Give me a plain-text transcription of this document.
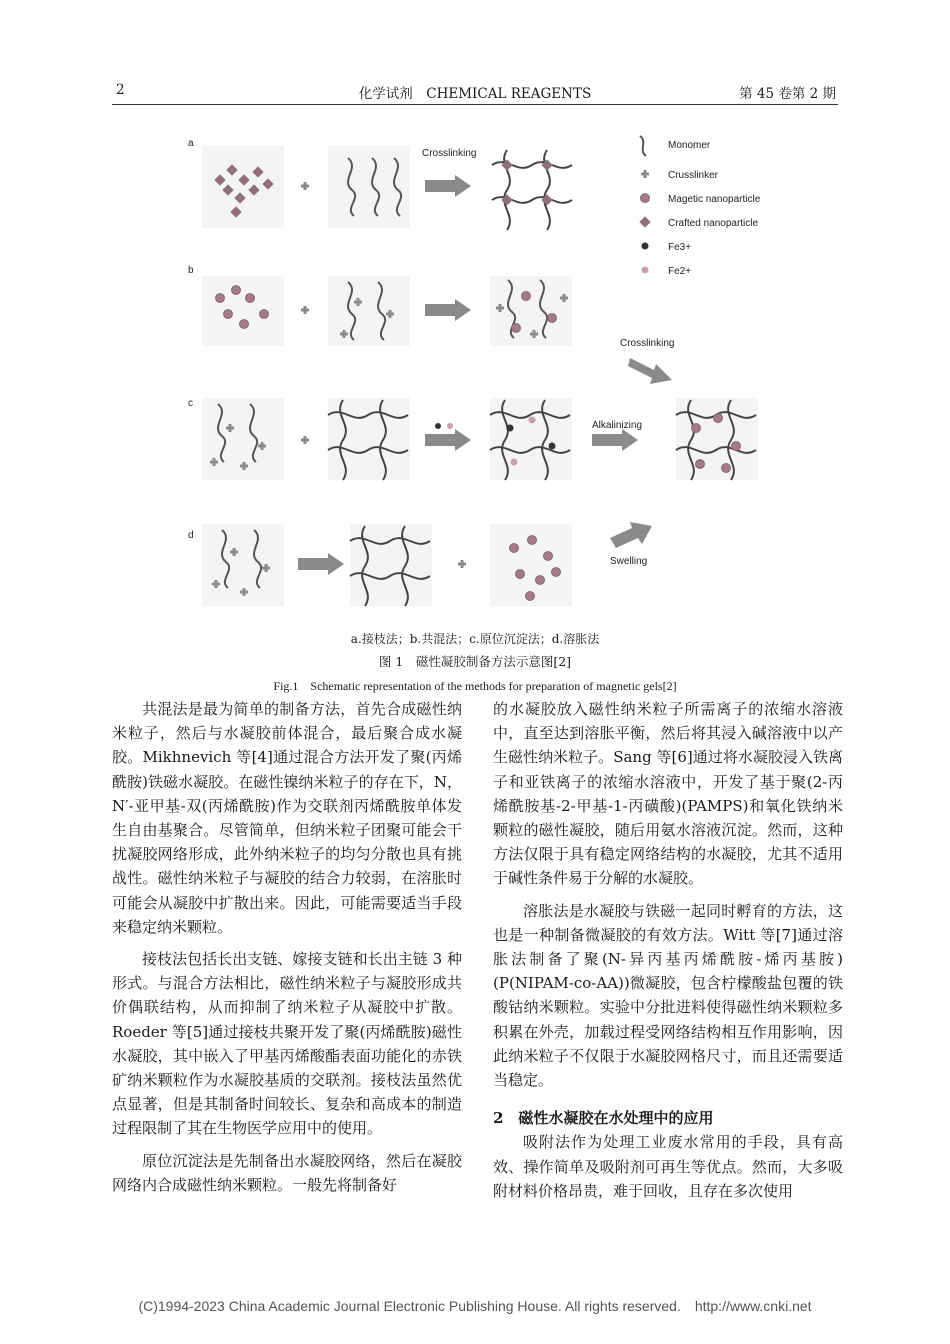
2	化学试剂　CHEMICAL REAGENTS	第 45 卷第 2 期
a
Crosslinking
Monomer
Crusslinker
Magetic nanoparticle
Crafted nanoparticle
Fe3+
Fe2+
b
Crosslinking
c
Alkalinizing
d
Swelling
a.接枝法；b.共混法；c.原位沉淀法；d.溶胀法
图 1　磁性凝胶制备方法示意图[2]
Fig.1　Schematic representation of the methods for preparation of magnetic gels[2]

共混法是最为简单的制备方法，首先合成磁性纳米粒子，然后与水凝胶前体混合，最后聚合成水凝胶。Mikhnevich 等[4]通过混合方法开发了聚(丙烯酰胺)铁磁水凝胶。在磁性镍纳米粒子的存在下，N，N′-亚甲基-双(丙烯酰胺)作为交联剂丙烯酰胺单体发生自由基聚合。尽管简单，但纳米粒子团聚可能会干扰凝胶网络形成，此外纳米粒子的均匀分散也具有挑战性。磁性纳米粒子与凝胶的结合力较弱，在溶胀时可能会从凝胶中扩散出来。因此，可能需要适当手段来稳定纳米颗粒。

接枝法包括长出支链、嫁接支链和长出主链 3 种形式。与混合方法相比，磁性纳米粒子与凝胶形成共价偶联结构，从而抑制了纳米粒子从凝胶中扩散。Roeder 等[5]通过接枝共聚开发了聚(丙烯酰胺)磁性水凝胶，其中嵌入了甲基丙烯酸酯表面功能化的赤铁矿纳米颗粒作为水凝胶基质的交联剂。接枝法虽然优点显著，但是其制备时间较长、复杂和高成本的制造过程限制了其在生物医学应用中的使用。

原位沉淀法是先制备出水凝胶网络，然后在凝胶网络内合成磁性纳米颗粒。一般先将制备好

的水凝胶放入磁性纳米粒子所需离子的浓缩水溶液中，直至达到溶胀平衡，然后将其浸入碱溶液中以产生磁性纳米粒子。Sang 等[6]通过将水凝胶浸入铁离子和亚铁离子的浓缩水溶液中，开发了基于聚(2-丙烯酰胺基-2-甲基-1-丙磺酸)(PAMPS)和氧化铁纳米颗粒的磁性凝胶，随后用氨水溶液沉淀。然而，这种方法仅限于具有稳定网络结构的水凝胶，尤其不适用于碱性条件易于分解的水凝胶。

溶胀法是水凝胶与铁磁一起同时孵育的方法，这也是一种制备微凝胶的有效方法。Witt 等[7]通过溶胀法制备了聚(N-异丙基丙烯酰胺-烯丙基胺)(P(NIPAM-co-AA))微凝胶，包含柠檬酸盐包覆的铁酸钴纳米颗粒。实验中分批进料使得磁性纳米颗粒多积累在外壳，加载过程受网络结构相互作用影响，因此纳米粒子不仅限于水凝胶网格尺寸，而且还需要适当稳定。

2　磁性水凝胶在水处理中的应用

吸附法作为处理工业废水常用的手段，具有高效、操作简单及吸附剂可再生等优点。然而，大多吸附材料价格昂贵，难于回收，且存在多次使用

(C)1994-2023 China Academic Journal Electronic Publishing House. All rights reserved.　http://www.cnki.net
